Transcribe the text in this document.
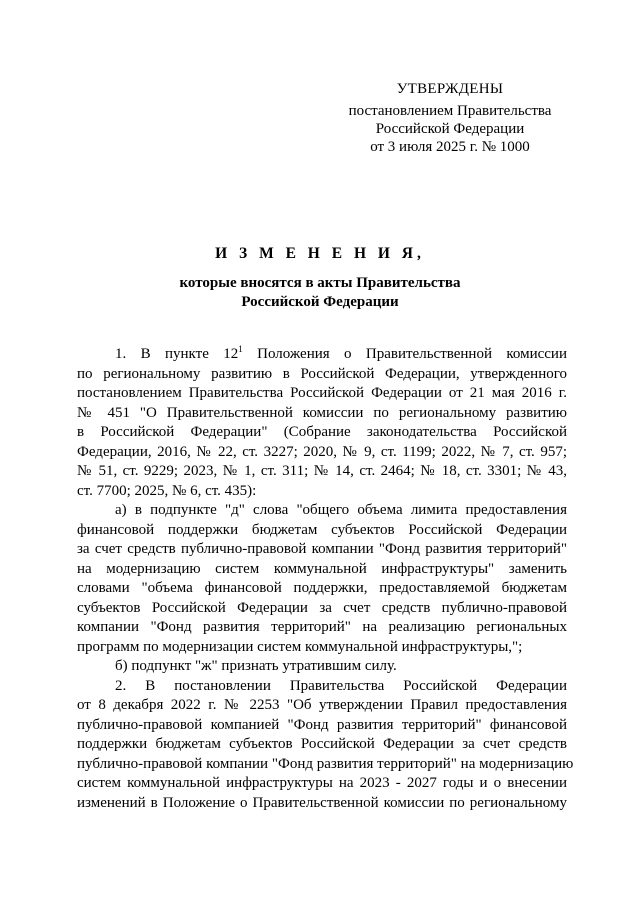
УТВЕРЖДЕНЫ
постановлением Правительства
Российской Федерации
от 3 июля 2025 г. № 1000
И З М Е Н Е Н И Я,
которые вносятся в акты Правительства
Российской Федерации
1. В пункте $12^1$ Положения о Правительственной комиссии
по региональному развитию в Российской Федерации, утвержденного
постановлением Правительства Российской Федерации от 21 мая 2016 г.
№ 451 "О Правительственной комиссии по региональному развитию
в Российской Федерации" (Собрание законодательства Российской
Федерации, 2016, № 22, ст. 3227; 2020, № 9, ст. 1199; 2022, № 7, ст. 957;
№ 51, ст. 9229; 2023, № 1, ст. 311; № 14, ст. 2464; № 18, ст. 3301; № 43,
ст. 7700; 2025, № 6, ст. 435):
а) в подпункте "д" слова "общего объема лимита предоставления
финансовой поддержки бюджетам субъектов Российской Федерации
за счет средств публично-правовой компании "Фонд развития территорий"
на модернизацию систем коммунальной инфраструктуры" заменить
словами "объема финансовой поддержки, предоставляемой бюджетам
субъектов Российской Федерации за счет средств публично-правовой
компании "Фонд развития территорий" на реализацию региональных
программ по модернизации систем коммунальной инфраструктуры,";
б) подпункт "ж" признать утратившим силу.
2. В постановлении Правительства Российской Федерации
от 8 декабря 2022 г. № 2253 "Об утверждении Правил предоставления
публично-правовой компанией "Фонд развития территорий" финансовой
поддержки бюджетам субъектов Российской Федерации за счет средств
публично-правовой компании "Фонд развития территорий" на модернизацию
систем коммунальной инфраструктуры на 2023 - 2027 годы и о внесении
изменений в Положение о Правительственной комиссии по региональному
